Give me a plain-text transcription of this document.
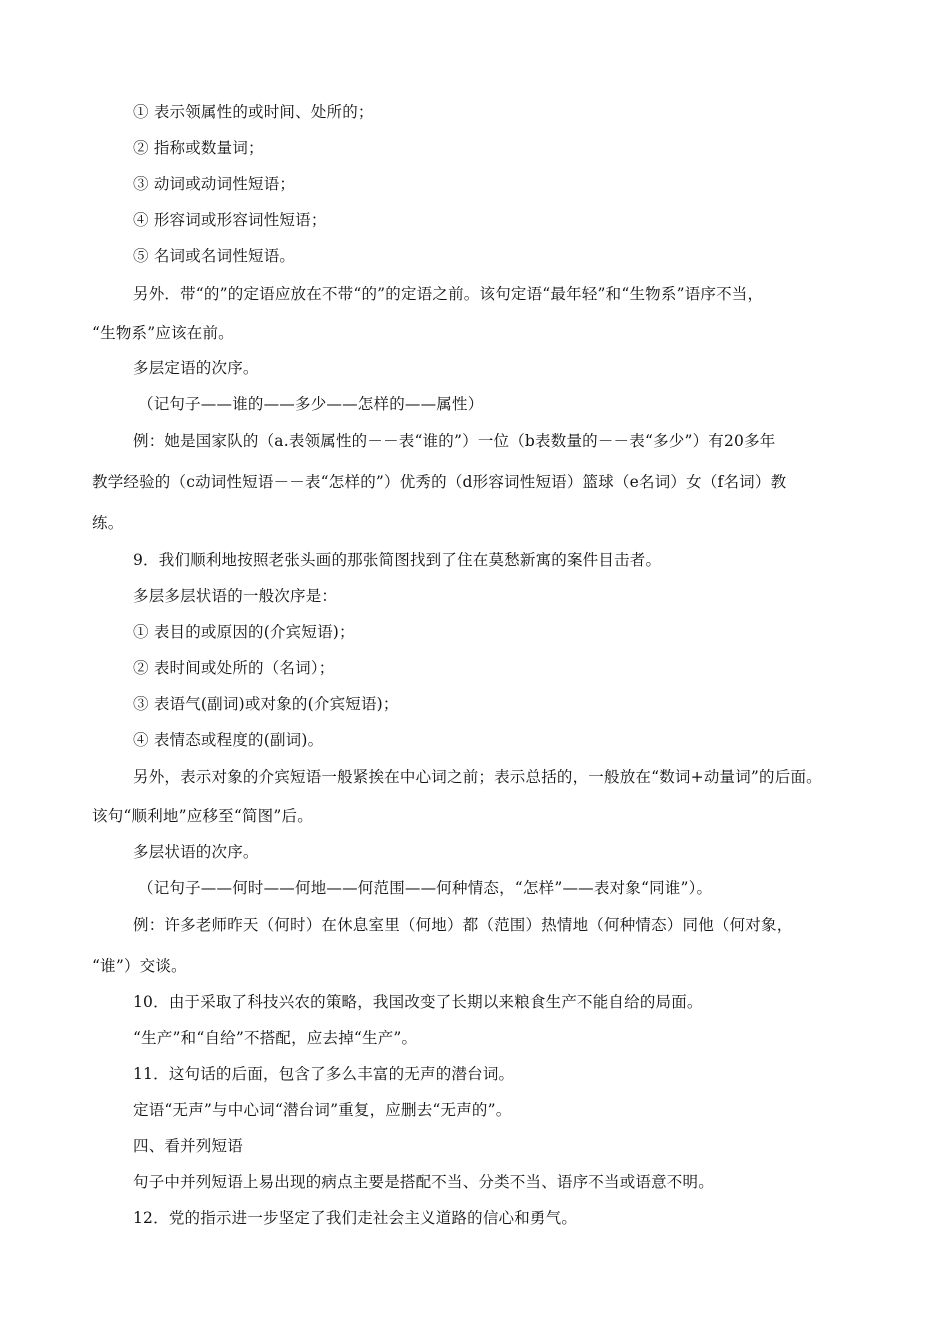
① 表示领属性的或时间、处所的；
② 指称或数量词；
③ 动词或动词性短语；
④ 形容词或形容词性短语；
⑤ 名词或名词性短语。
另外．带“的”的定语应放在不带“的”的定语之前。该句定语“最年轻”和“生物系”语序不当，
“生物系”应该在前。
多层定语的次序。
（记句子——谁的——多少——怎样的——属性）
例：她是国家队的（a.表领属性的－－表“谁的”）一位（b表数量的－－表“多少”）有20多年
教学经验的（c动词性短语－－表“怎样的”）优秀的（d形容词性短语）篮球（e名词）女（f名词）教
练。
9．我们顺利地按照老张头画的那张简图找到了住在莫愁新寓的案件目击者。
多层多层状语的一般次序是：
① 表目的或原因的(介宾短语)；
② 表时间或处所的（名词）；
③ 表语气(副词)或对象的(介宾短语)；
④ 表情态或程度的(副词)。
另外，表示对象的介宾短语一般紧挨在中心词之前；表示总括的，一般放在“数词+动量词”的后面。
该句“顺利地”应移至“简图”后。
多层状语的次序。
（记句子——何时——何地——何范围——何种情态，“怎样”——表对象“同谁”）。
例：许多老师昨天（何时）在休息室里（何地）都（范围）热情地（何种情态）同他（何对象，
“谁”）交谈。
10．由于采取了科技兴农的策略，我国改变了长期以来粮食生产不能自给的局面。
“生产”和“自给”不搭配，应去掉“生产”。
11．这句话的后面，包含了多么丰富的无声的潜台词。
定语“无声”与中心词“潜台词”重复，应删去“无声的”。
四、看并列短语
句子中并列短语上易出现的病点主要是搭配不当、分类不当、语序不当或语意不明。
12．党的指示进一步坚定了我们走社会主义道路的信心和勇气。
